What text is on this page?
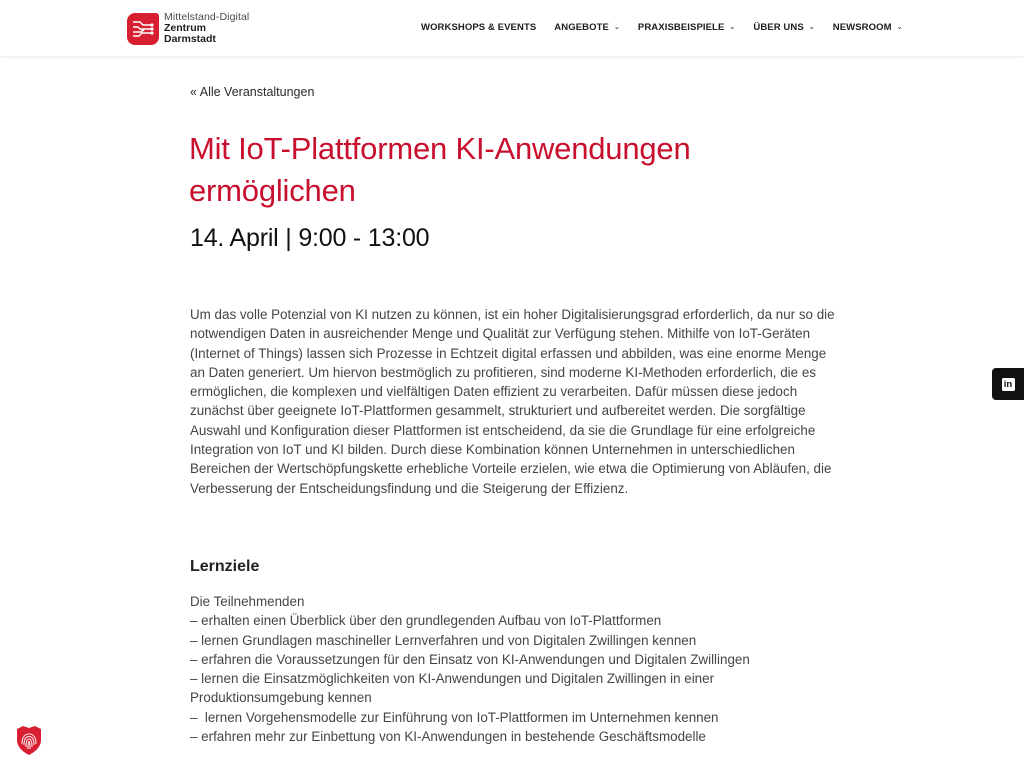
Mittelstand-Digital
Zentrum
Darmstadt
WORKSHOPS & EVENTS ANGEBOTE ⌄ PRAXISBEISPIELE ⌄ ÜBER UNS ⌄ NEWSROOM ⌄
« Alle Veranstaltungen
Mit IoT-Plattformen KI-Anwendungen ermöglichen
14. April | 9:00 - 13:00

Um das volle Potenzial von KI nutzen zu können, ist ein hoher Digitalisierungsgrad erforderlich, da nur so die notwendigen Daten in ausreichender Menge und Qualität zur Verfügung stehen. Mithilfe von IoT-Geräten (Internet of Things) lassen sich Prozesse in Echtzeit digital erfassen und abbilden, was eine enorme Menge an Daten generiert. Um hiervon bestmöglich zu profitieren, sind moderne KI-Methoden erforderlich, die es ermöglichen, die komplexen und vielfältigen Daten effizient zu verarbeiten. Dafür müssen diese jedoch zunächst über geeignete IoT-Plattformen gesammelt, strukturiert und aufbereitet werden. Die sorgfältige Auswahl und Konfiguration dieser Plattformen ist entscheidend, da sie die Grundlage für eine erfolgreiche Integration von IoT und KI bilden. Durch diese Kombination können Unternehmen in unterschiedlichen Bereichen der Wertschöpfungskette erhebliche Vorteile erzielen, wie etwa die Optimierung von Abläufen, die Verbesserung der Entscheidungsfindung und die Steigerung der Effizienz.

Lernziele
Die Teilnehmenden
– erhalten einen Überblick über den grundlegenden Aufbau von IoT-Plattformen
– lernen Grundlagen maschineller Lernverfahren und von Digitalen Zwillingen kennen
– erfahren die Voraussetzungen für den Einsatz von KI-Anwendungen und Digitalen Zwillingen
– lernen die Einsatzmöglichkeiten von KI-Anwendungen und Digitalen Zwillingen in einer Produktionsumgebung kennen
–  lernen Vorgehensmodelle zur Einführung von IoT-Plattformen im Unternehmen kennen
– erfahren mehr zur Einbettung von KI-Anwendungen in bestehende Geschäftsmodelle
in
